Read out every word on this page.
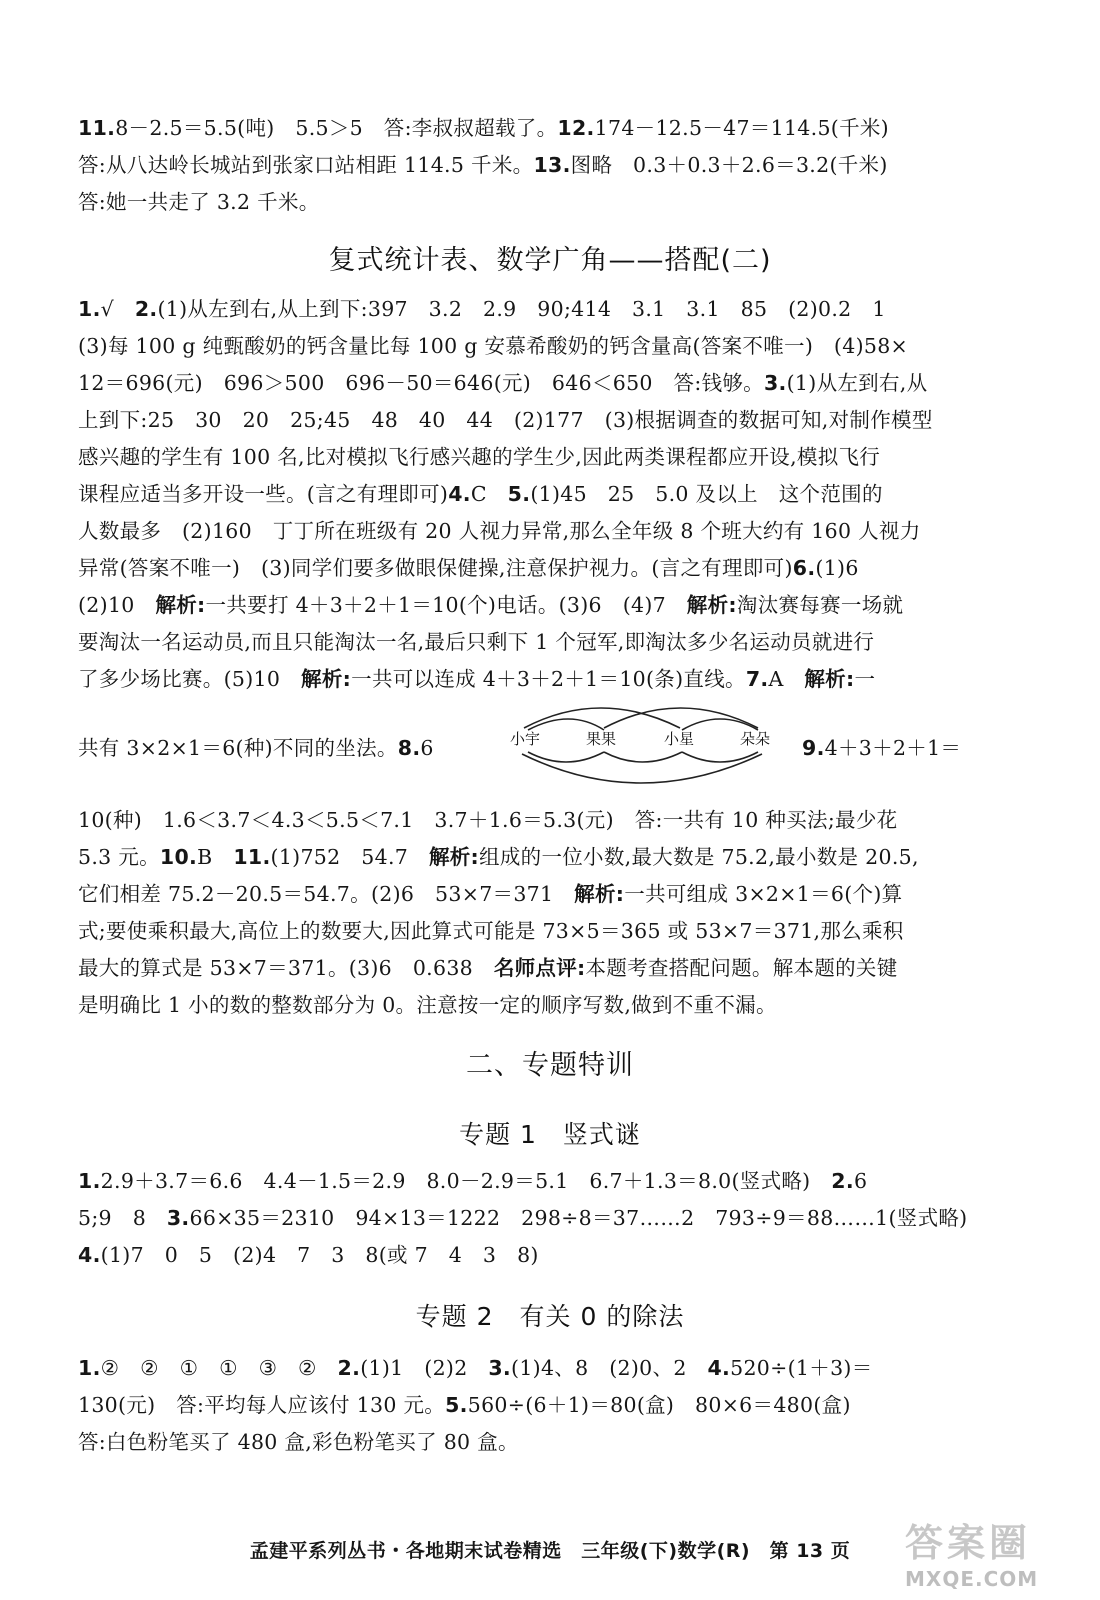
11.8－2.5＝5.5(吨)　5.5＞5　答:李叔叔超载了。12.174－12.5－47＝114.5(千米)
答:从八达岭长城站到张家口站相距 114.5 千米。13.图略　0.3＋0.3＋2.6＝3.2(千米)
答:她一共走了 3.2 千米。
复式统计表、数学广角——搭配(二)
1.√　2.(1)从左到右,从上到下:397　3.2　2.9　90;414　3.1　3.1　85　(2)0.2　1
(3)每 100 g 纯甄酸奶的钙含量比每 100 g 安慕希酸奶的钙含量高(答案不唯一)　(4)58×
12＝696(元)　696＞500　696－50＝646(元)　646＜650　答:钱够。3.(1)从左到右,从
上到下:25　30　20　25;45　48　40　44　(2)177　(3)根据调查的数据可知,对制作模型
感兴趣的学生有 100 名,比对模拟飞行感兴趣的学生少,因此两类课程都应开设,模拟飞行
课程应适当多开设一些。(言之有理即可)4.C　5.(1)45　25　5.0 及以上　这个范围的
人数最多　(2)160　丁丁所在班级有 20 人视力异常,那么全年级 8 个班大约有 160 人视力
异常(答案不唯一)　(3)同学们要多做眼保健操,注意保护视力。(言之有理即可)6.(1)6
(2)10　解析:一共要打 4＋3＋2＋1＝10(个)电话。(3)6　(4)7　解析:淘汰赛每赛一场就
要淘汰一名运动员,而且只能淘汰一名,最后只剩下 1 个冠军,即淘汰多少名运动员就进行
了多少场比赛。(5)10　解析:一共可以连成 4＋3＋2＋1＝10(条)直线。7.A　解析:一
共有 3×2×1＝6(种)不同的坐法。8.6	小宇	果果	小星	朵朵 9.4＋3＋2＋1＝
10(种)　1.6＜3.7＜4.3＜5.5＜7.1　3.7＋1.6＝5.3(元)　答:一共有 10 种买法;最少花
5.3 元。10.B　11.(1)752　54.7　解析:组成的一位小数,最大数是 75.2,最小数是 20.5,
它们相差 75.2－20.5＝54.7。(2)6　53×7＝371　解析:一共可组成 3×2×1＝6(个)算
式;要使乘积最大,高位上的数要大,因此算式可能是 73×5＝365 或 53×7＝371,那么乘积
最大的算式是 53×7＝371。(3)6　0.638　名师点评:本题考查搭配问题。解本题的关键
是明确比 1 小的数的整数部分为 0。注意按一定的顺序写数,做到不重不漏。
二、专题特训
专题 1　竖式谜
1.2.9＋3.7＝6.6　4.4－1.5＝2.9　8.0－2.9＝5.1　6.7＋1.3＝8.0(竖式略)　2.6
5;9　8　3.66×35＝2310　94×13＝1222　298÷8＝37……2　793÷9＝88……1(竖式略)
4.(1)7　0　5　(2)4　7　3　8(或 7　4　3　8)
专题 2　有关 0 的除法
1.②　②　①　①　③　②　2.(1)1　(2)2　3.(1)4、8　(2)0、2　4.520÷(1＋3)＝
130(元)　答:平均每人应该付 130 元。5.560÷(6＋1)＝80(盒)　80×6＝480(盒)
答:白色粉笔买了 480 盒,彩色粉笔买了 80 盒。
孟建平系列丛书・各地期末试卷精选　三年级(下)数学(R)　第 13 页	答案圈
MXQE.COM
